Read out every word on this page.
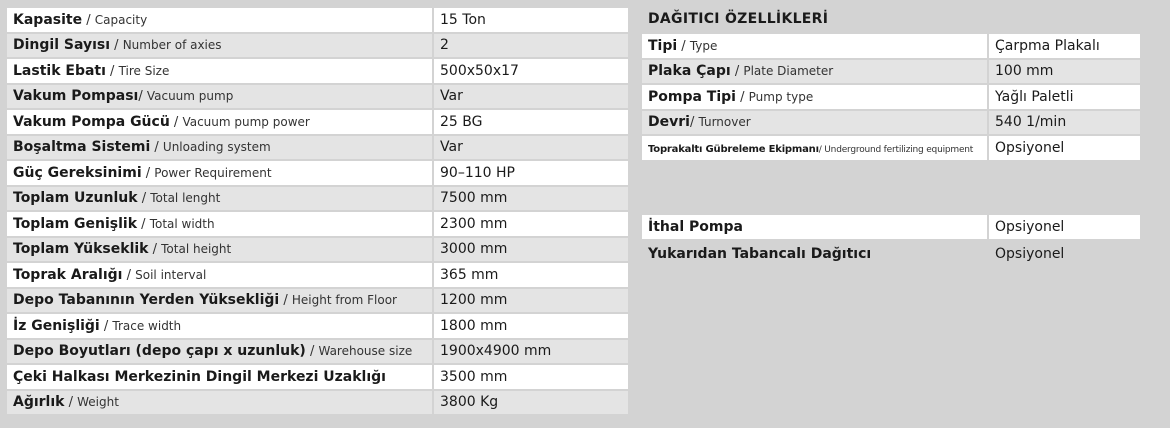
Kapasite / Capacity	15 Ton
Dingil Sayısı / Number of axies	2
Lastik Ebatı / Tire Size	500x50x17
Vakum Pompası/ Vacuum pump	Var
Vakum Pompa Gücü / Vacuum pump power	25 BG
Boşaltma Sistemi / Unloading system	Var
Güç Gereksinimi / Power Requirement	90–110 HP
Toplam Uzunluk / Total lenght	7500 mm
Toplam Genişlik / Total width	2300 mm
Toplam Yükseklik / Total height	3000 mm
Toprak Aralığı / Soil interval	365 mm
Depo Tabanının Yerden Yüksekliği / Height from Floor	1200 mm
İz Genişliği / Trace width	1800 mm
Depo Boyutları (depo çapı x uzunluk) / Warehouse size	1900x4900 mm
Çeki Halkası Merkezinin Dingil Merkezi Uzaklığı	3500 mm
Ağırlık / Weight	3800 Kg
DAĞITICI ÖZELLİKLERİ
Tipi / Type	Çarpma Plakalı
Plaka Çapı / Plate Diameter	100 mm
Pompa Tipi / Pump type	Yağlı Paletli
Devri/ Turnover	540 1/min
Toprakaltı Gübreleme Ekipmanı/ Underground fertilizing equipment	Opsiyonel
İthal Pompa	Opsiyonel
Yukarıdan Tabancalı Dağıtıcı	Opsiyonel
